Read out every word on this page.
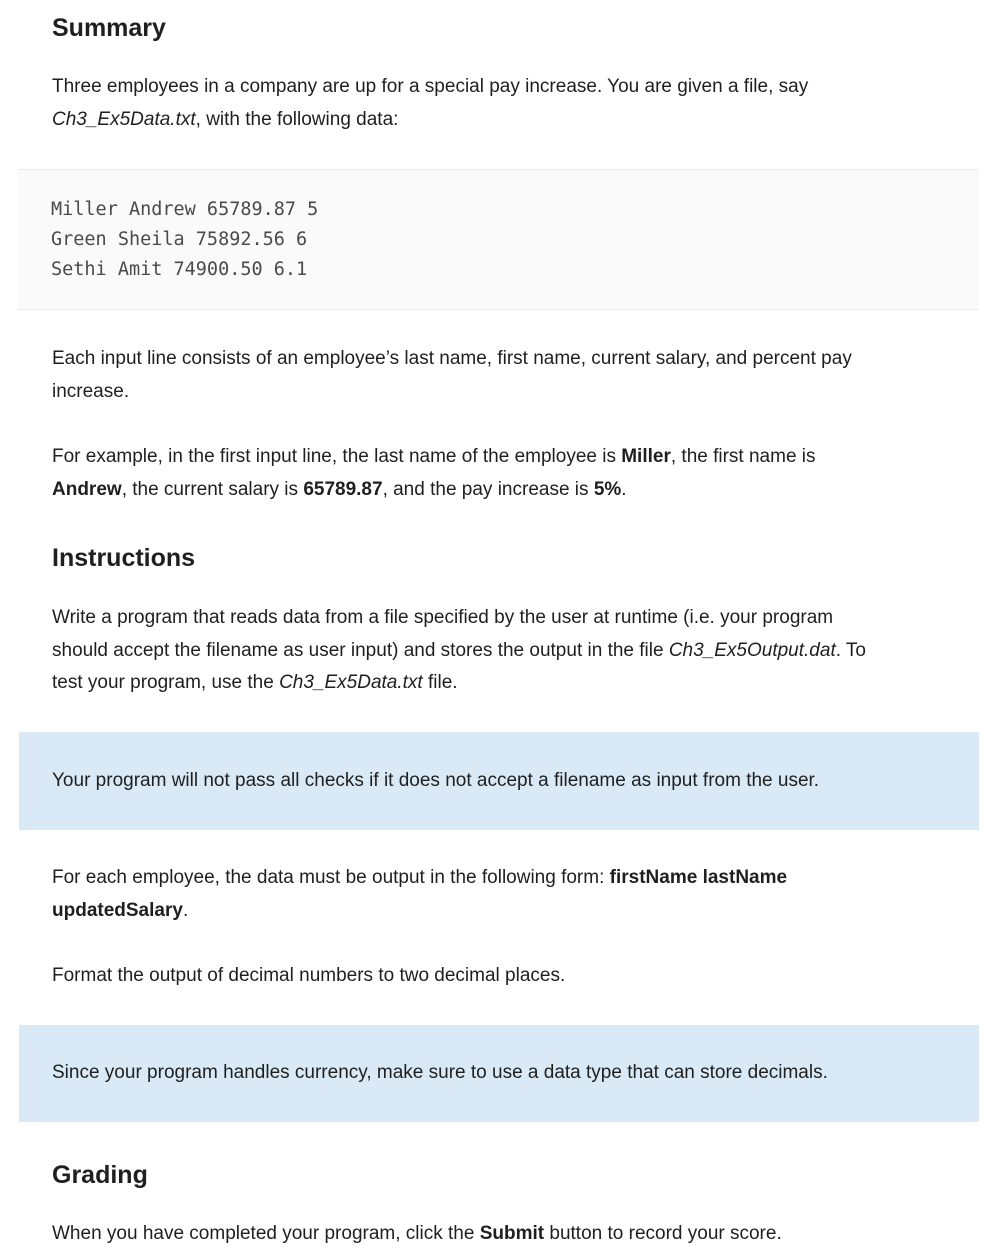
Summary

Three employees in a company are up for a special pay increase. You are given a file, say
Ch3_Ex5Data.txt, with the following data:

Miller Andrew 65789.87 5
Green Sheila 75892.56 6
Sethi Amit 74900.50 6.1

Each input line consists of an employee’s last name, first name, current salary, and percent pay increase.

For example, in the first input line, the last name of the employee is Miller, the first name is
Andrew, the current salary is 65789.87, and the pay increase is 5%.

Instructions

Write a program that reads data from a file specified by the user at runtime (i.e. your program
should accept the filename as user input) and stores the output in the file Ch3_Ex5Output.dat. To
test your program, use the Ch3_Ex5Data.txt file.

Your program will not pass all checks if it does not accept a filename as input from the user.

For each employee, the data must be output in the following form: firstName lastName
updatedSalary.

Format the output of decimal numbers to two decimal places.

Since your program handles currency, make sure to use a data type that can store decimals.

Grading

When you have completed your program, click the Submit button to record your score.
